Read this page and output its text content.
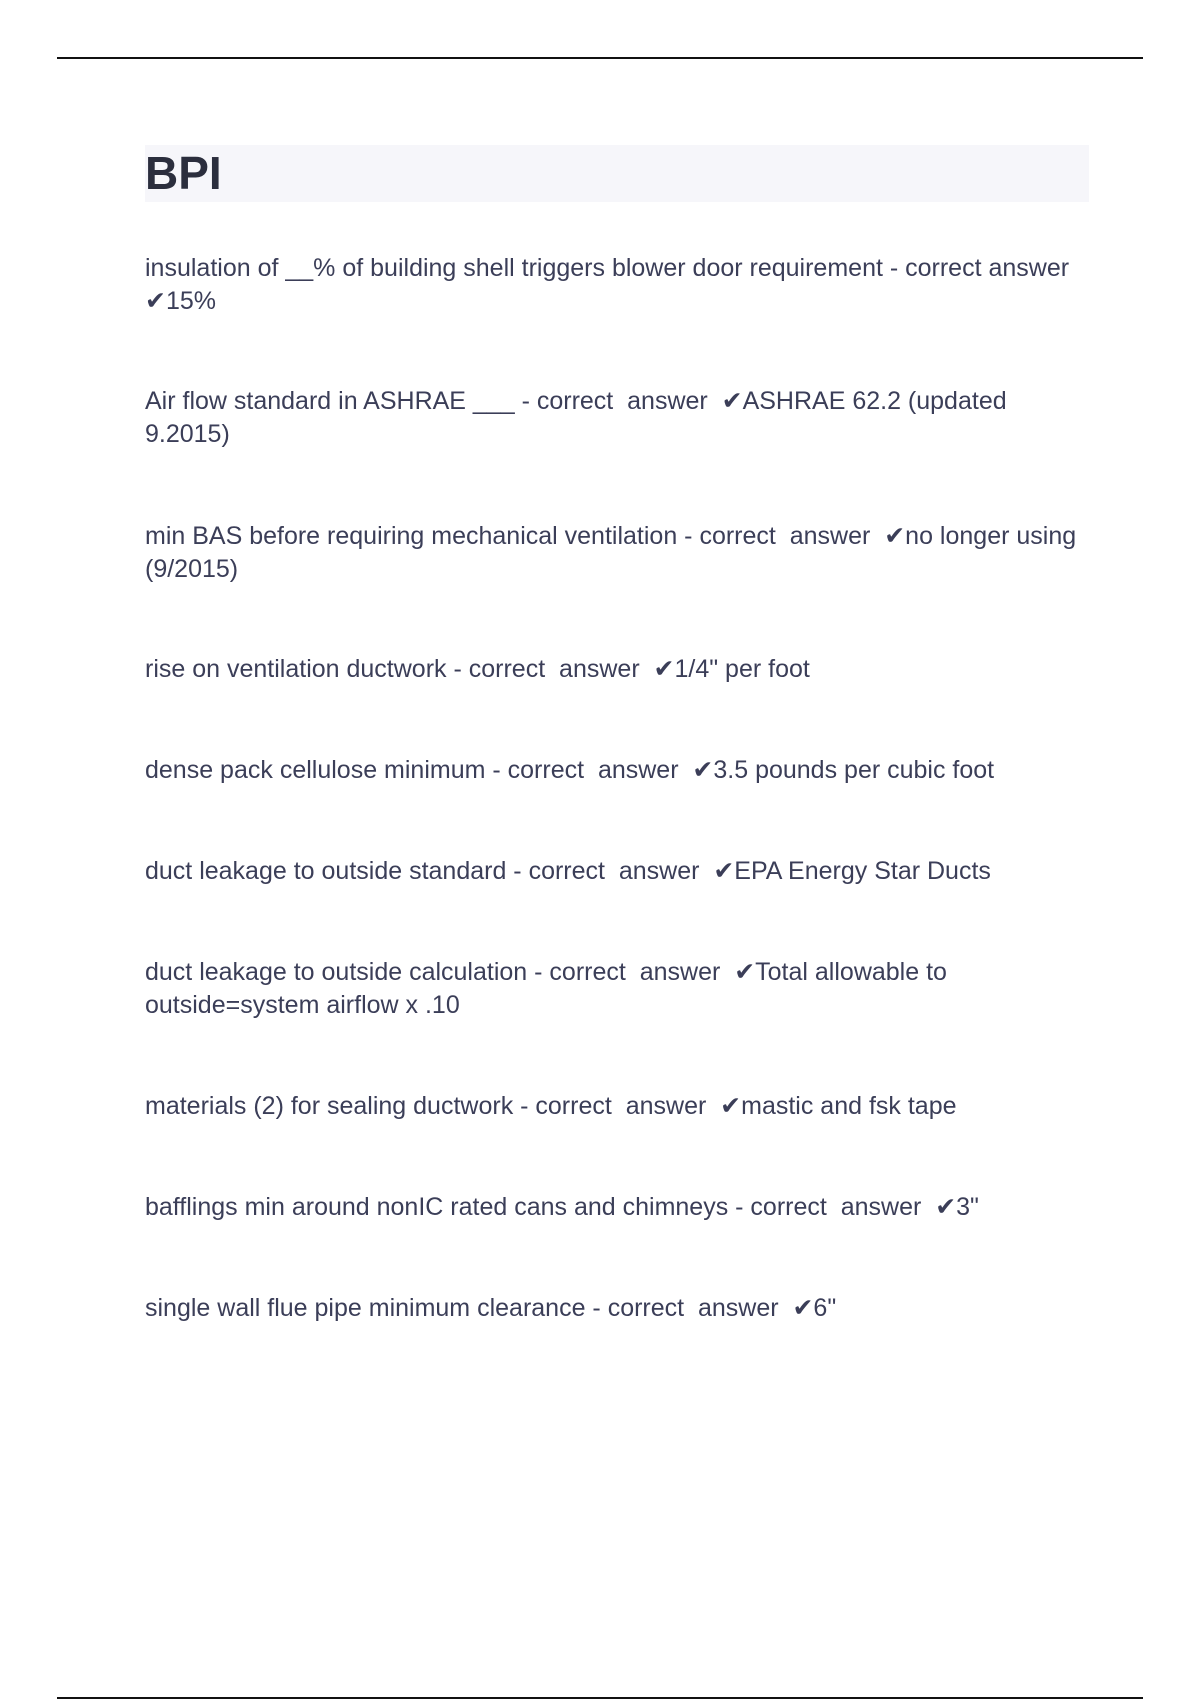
BPI
insulation of __% of building shell triggers blower door requirement - correct answer  ✔15%
Air flow standard in ASHRAE ___ - correct  answer  ✔ASHRAE 62.2 (updated 9.2015)
min BAS before requiring mechanical ventilation - correct  answer  ✔no longer using (9/2015)
rise on ventilation ductwork - correct  answer  ✔1/4" per foot
dense pack cellulose minimum - correct  answer  ✔3.5 pounds per cubic foot
duct leakage to outside standard - correct  answer  ✔EPA Energy Star Ducts
duct leakage to outside calculation - correct  answer  ✔Total allowable to outside=system airflow x .10
materials (2) for sealing ductwork - correct  answer  ✔mastic and fsk tape
bafflings min around nonIC rated cans and chimneys - correct  answer  ✔3"
single wall flue pipe minimum clearance - correct  answer  ✔6"
